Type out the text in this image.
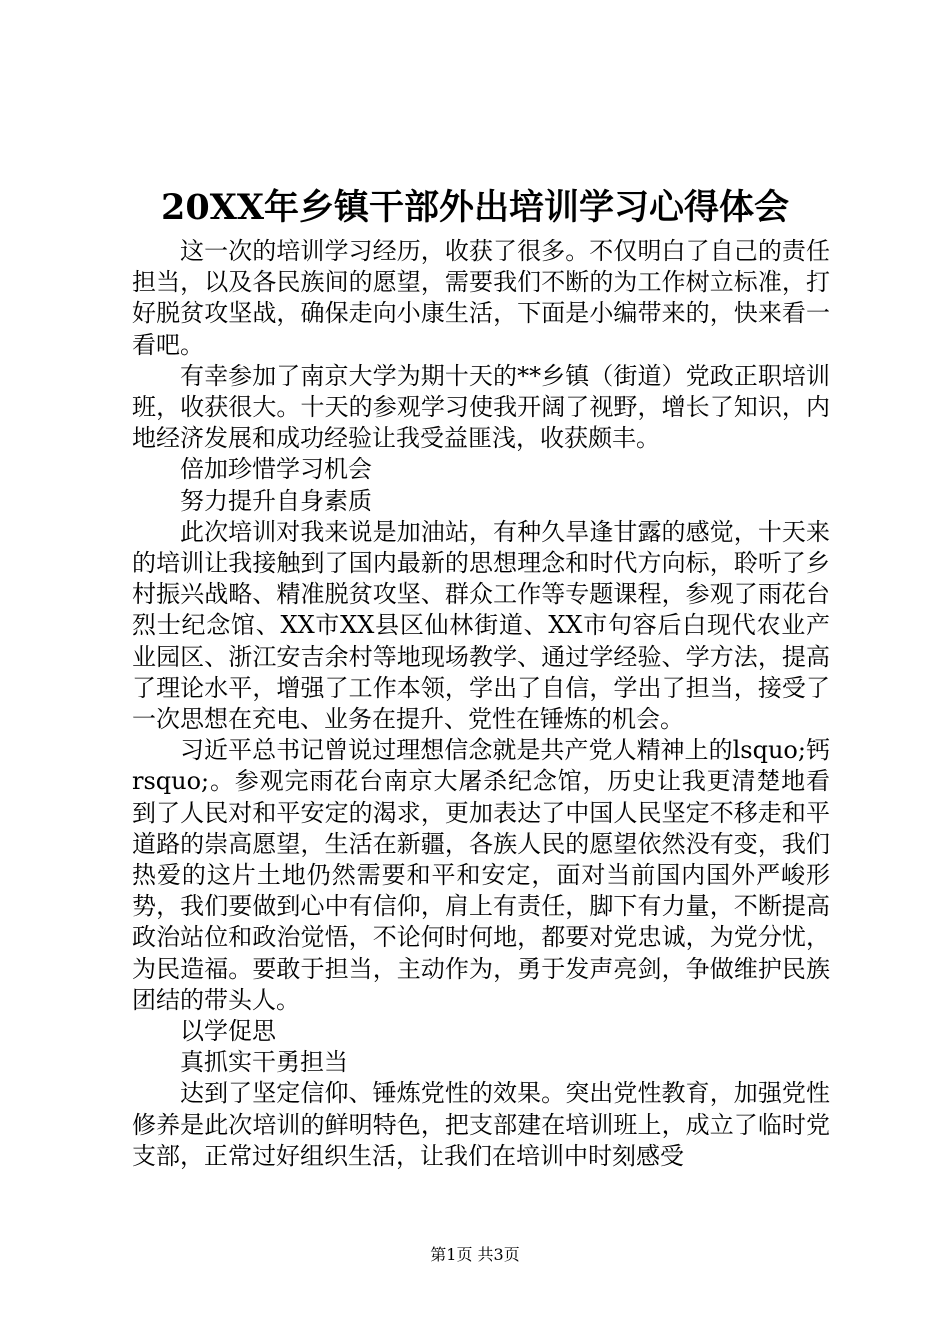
20XX年乡镇干部外出培训学习心得体会

这一次的培训学习经历，收获了很多。不仅明白了自己的责任担当，以及各民族间的愿望，需要我们不断的为工作树立标准，打好脱贫攻坚战，确保走向小康生活，下面是小编带来的，快来看一看吧。

有幸参加了南京大学为期十天的**乡镇（街道）党政正职培训班，收获很大。十天的参观学习使我开阔了视野，增长了知识，内地经济发展和成功经验让我受益匪浅，收获颇丰。

倍加珍惜学习机会

努力提升自身素质

此次培训对我来说是加油站，有种久旱逢甘露的感觉，十天来的培训让我接触到了国内最新的思想理念和时代方向标，聆听了乡村振兴战略、精准脱贫攻坚、群众工作等专题课程，参观了雨花台烈士纪念馆、XX市XX县区仙林街道、XX市句容后白现代农业产业园区、浙江安吉余村等地现场教学、通过学经验、学方法，提高了理论水平，增强了工作本领，学出了自信，学出了担当，接受了一次思想在充电、业务在提升、党性在锤炼的机会。

习近平总书记曾说过理想信念就是共产党人精神上的lsquo;钙rsquo;。参观完雨花台南京大屠杀纪念馆，历史让我更清楚地看到了人民对和平安定的渴求，更加表达了中国人民坚定不移走和平道路的崇高愿望，生活在新疆，各族人民的愿望依然没有变，我们热爱的这片土地仍然需要和平和安定，面对当前国内国外严峻形势，我们要做到心中有信仰，肩上有责任，脚下有力量，不断提高政治站位和政治觉悟，不论何时何地，都要对党忠诚，为党分忧，为民造福。要敢于担当，主动作为，勇于发声亮剑，争做维护民族团结的带头人。

以学促思

真抓实干勇担当

达到了坚定信仰、锤炼党性的效果。突出党性教育，加强党性修养是此次培训的鲜明特色，把支部建在培训班上，成立了临时党支部，正常过好组织生活，让我们在培训中时刻感受

第1页 共3页
